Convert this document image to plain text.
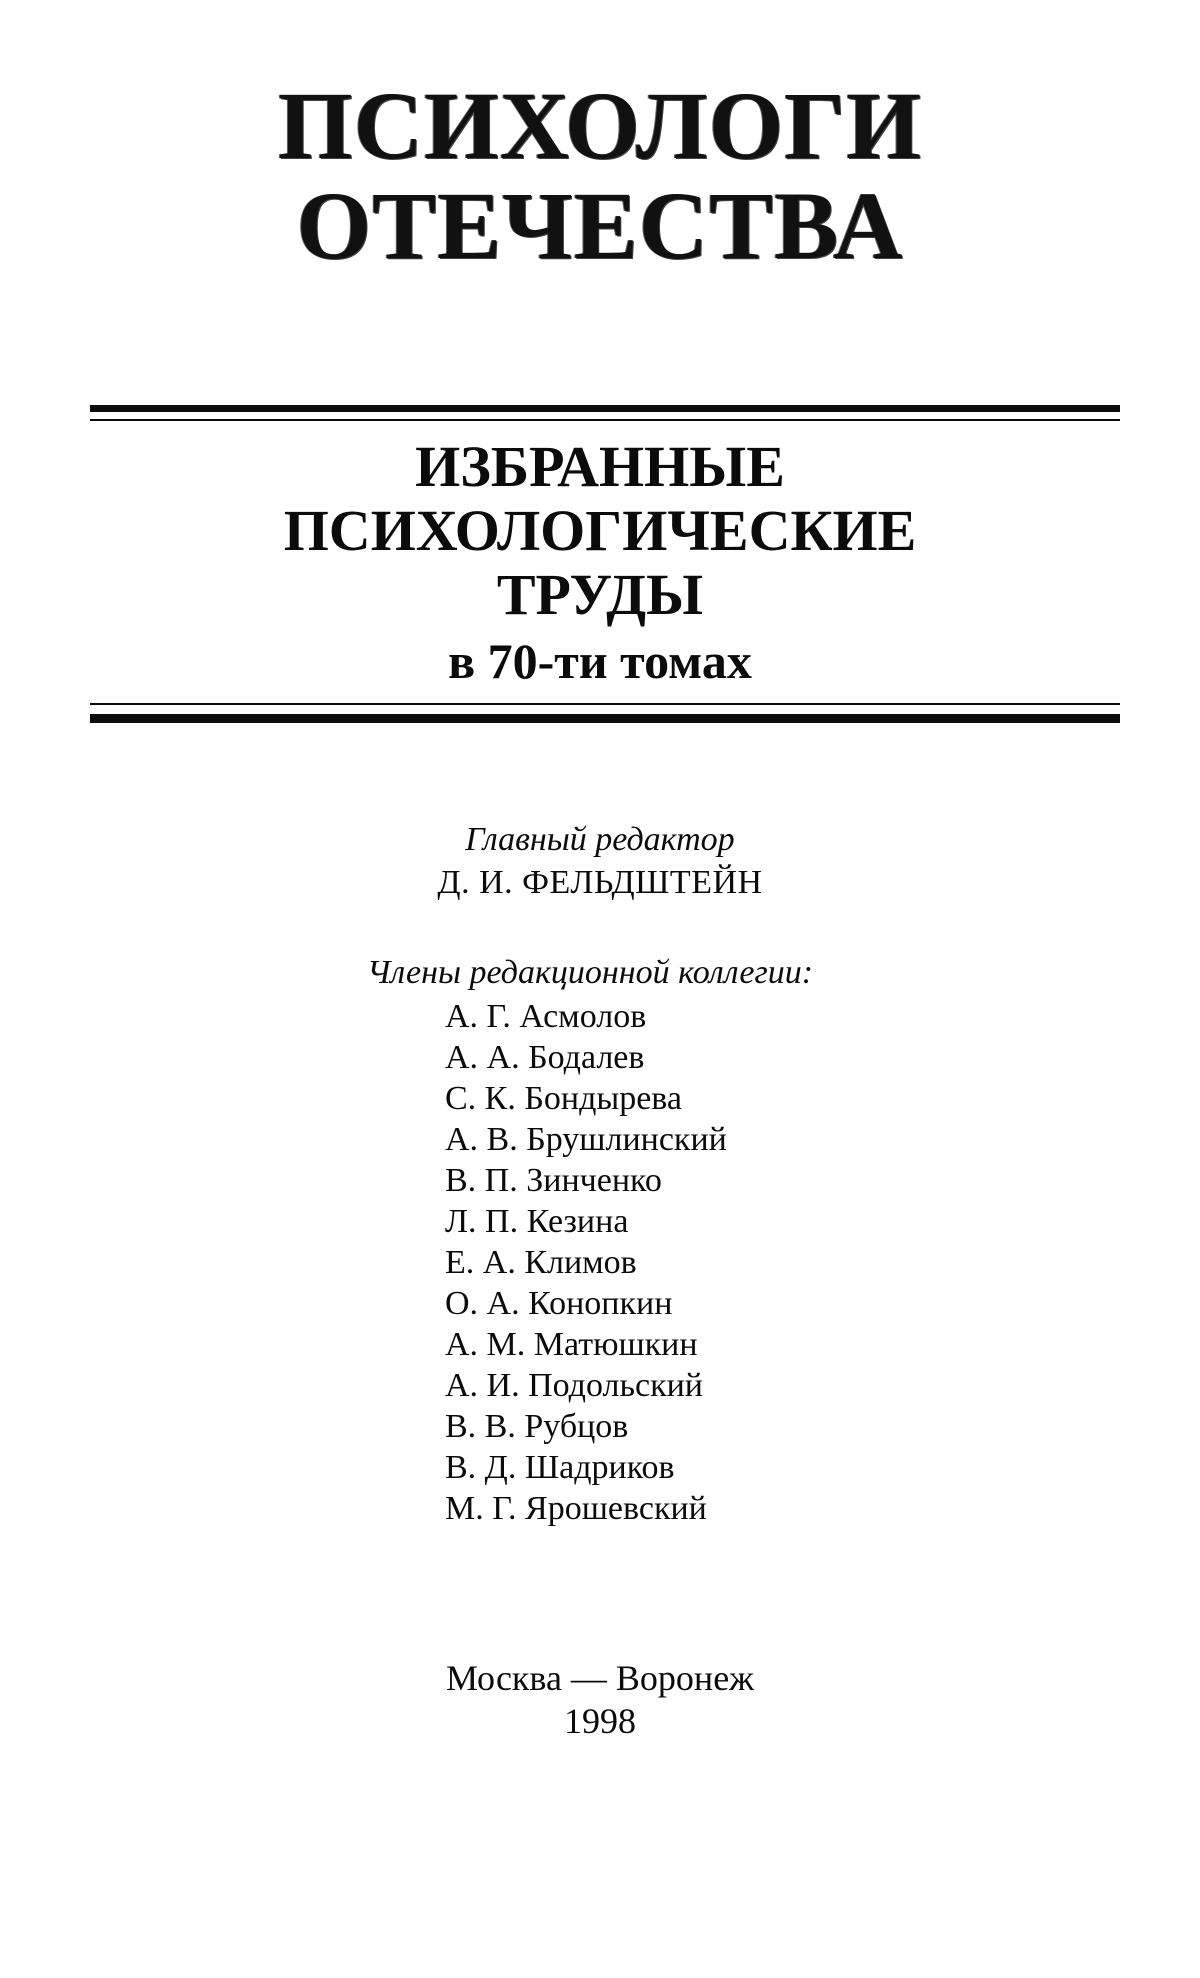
ПСИХОЛОГИ
ОТЕЧЕСТВА
ИЗБРАННЫЕ
ПСИХОЛОГИЧЕСКИЕ
ТРУДЫ
в 70-ти томах
Главный редактор
Д. И. ФЕЛЬДШТЕЙН
Члены редакционной коллегии:
А. Г. Асмолов
А. А. Бодалев
С. К. Бондырева
А. В. Брушлинский
В. П. Зинченко
Л. П. Кезина
Е. А. Климов
О. А. Конопкин
А. М. Матюшкин
А. И. Подольский
В. В. Рубцов
В. Д. Шадриков
М. Г. Ярошевский
Москва — Воронеж
1998
